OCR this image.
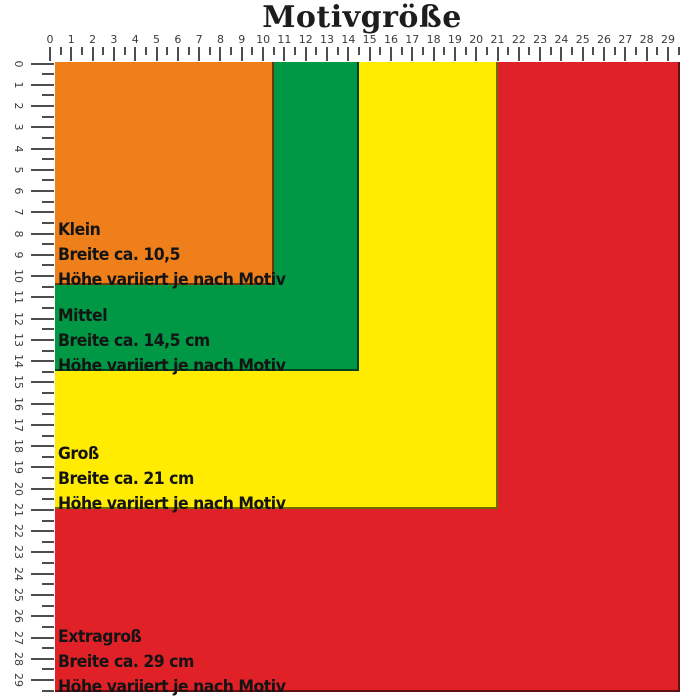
Motivgröße
0	1	2	3	4	5	6	7	8	9 10 11 12 13 14 15 16 17 18 19 20 21 22 23 24 25 26 27 28 29
0
1
2
3
4
5
6
7
8
9
10
11
12
13
14
15
16
17
18
19
20
21
22
23
24
25
26
27
28
29
Extragroß
Breite ca. 29 cm
Höhe variiert je nach Motiv
Groß
Breite ca. 21 cm
Höhe variiert je nach Motiv
Mittel
Breite ca. 14,5 cm
Höhe variiert je nach Motiv
Klein
Breite ca. 10,5
Höhe variiert je nach Motiv
